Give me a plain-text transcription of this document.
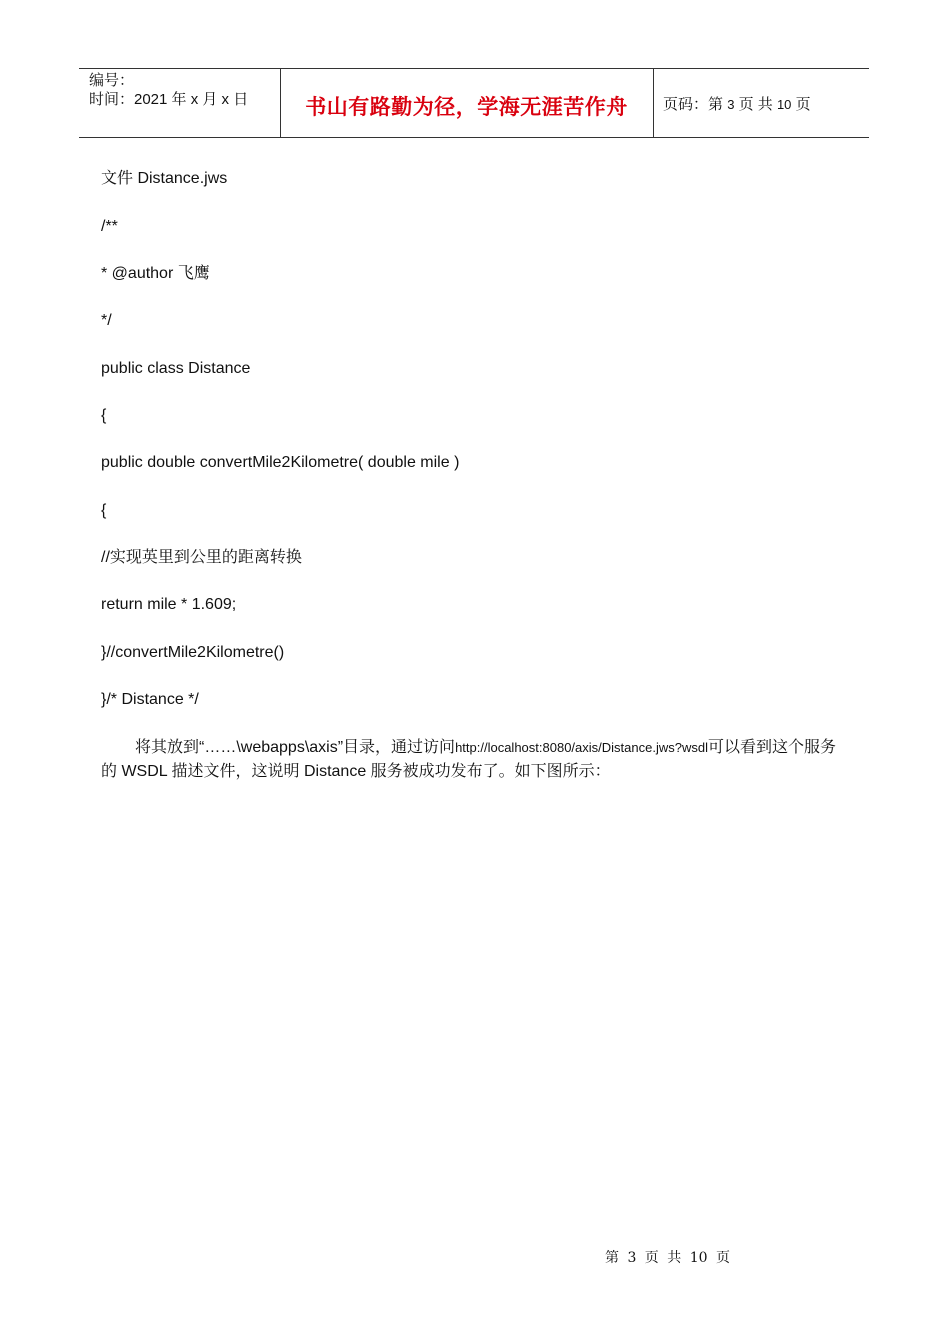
编号：
时间：2021 年 x 月 x 日	书山有路勤为径，学海无涯苦作舟	页码：第 3 页 共 10 页
文件 Distance.jws
/**
* @author 飞鹰
*/
public class Distance
{
public double convertMile2Kilometre( double mile )
{
//实现英里到公里的距离转换
return mile * 1.609;
}//convertMile2Kilometre()
}/* Distance */
将其放到“……\webapps\axis”目录，通过访问http://localhost:8080/axis/Distance.jws?wsdl可以看到这个服务的 WSDL 描述文件，这说明 Distance 服务被成功发布了。如下图所示：
第 3 页 共 10 页
